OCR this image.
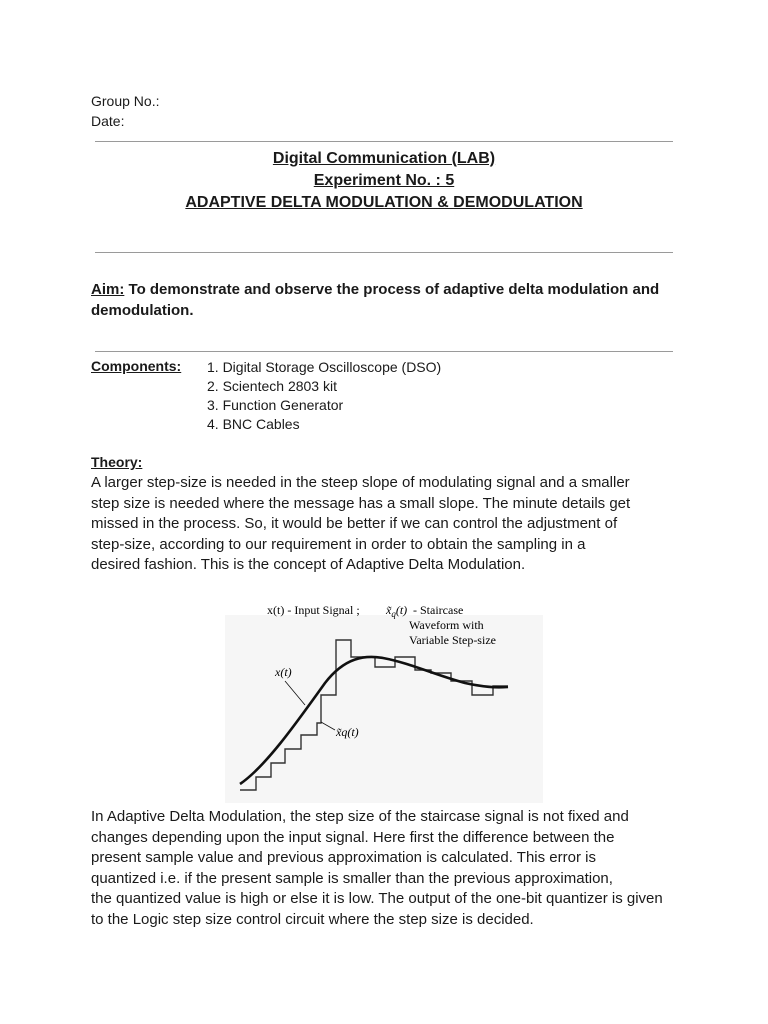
Group No.:
Date:
Digital Communication (LAB)
Experiment No. : 5
ADAPTIVE DELTA MODULATION & DEMODULATION
Aim: To demonstrate and observe the process of adaptive delta modulation and
demodulation.
Components: 1. Digital Storage Oscilloscope (DSO)
2. Scientech 2803 kit
3. Function Generator
4. BNC Cables
Theory:
A larger step-size is needed in the steep slope of modulating signal and a smaller
step size is needed where the message has a small slope. The minute details get
missed in the process. So, it would be better if we can control the adjustment of
step-size, according to our requirement in order to obtain the sampling in a
desired fashion. This is the concept of Adaptive Delta Modulation.
x(t) - Input Signal ; $x̃_q(t)$ - Staircase
Waveform with
Variable Step-size
x(t)
x̃q(t)
In Adaptive Delta Modulation, the step size of the staircase signal is not fixed and
changes depending upon the input signal. Here first the difference between the
present sample value and previous approximation is calculated. This error is
quantized i.e. if the present sample is smaller than the previous approximation,
the quantized value is high or else it is low. The output of the one-bit quantizer is given
to the Logic step size control circuit where the step size is decided.
